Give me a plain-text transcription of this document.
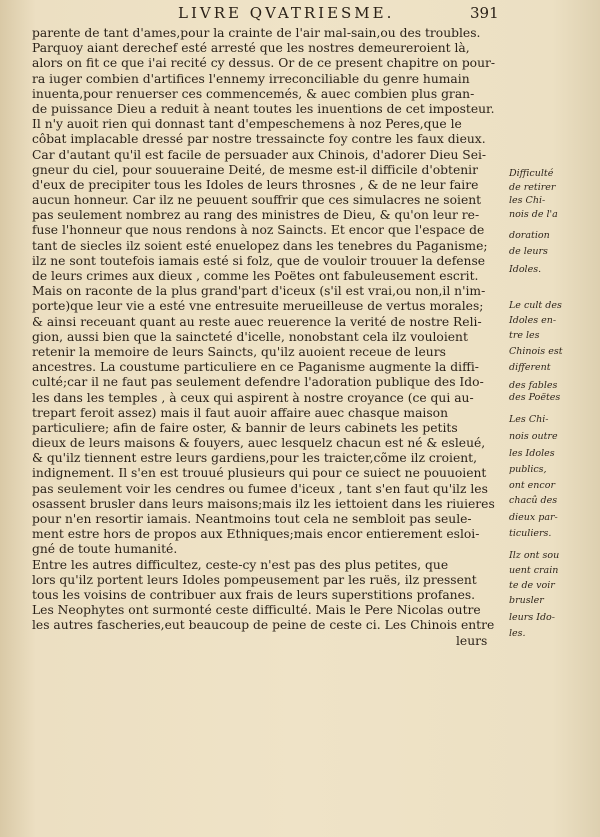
LIVRE QVATRIESME.	391
parente de tant d'ames,pour la crainte de l'air mal-sain,ou des troubles.
Parquoy aiant derechef esté arresté que les nostres demeureroient là,
alors on fit ce que i'ai recité cy dessus. Or de ce present chapitre on pour-
ra iuger combien d'artifices l'ennemy irreconciliable du genre humain
inuenta,pour renuerser ces commencemés, & auec combien plus gran-
de puissance Dieu a reduit à neant toutes les inuentions de cet imposteur.
Il n'y auoit rien qui donnast tant d'empeschemens à noz Peres,que le
côbat implacable dressé par nostre tressaincte foy contre les faux dieux.
Car d'autant qu'il est facile de persuader aux Chinois, d'adorer Dieu Sei-
gneur du ciel, pour souueraine Deité, de mesme est-il difficile d'obtenir
d'eux de precipiter tous les Idoles de leurs throsnes , & de ne leur faire
aucun honneur. Car ilz ne peuuent souffrir que ces simulacres ne soient
pas seulement nombrez au rang des ministres de Dieu, & qu'on leur re-
fuse l'honneur que nous rendons à noz Saincts. Et encor que l'espace de
tant de siecles ilz soient esté enuelopez dans les tenebres du Paganisme;
ilz ne sont toutefois iamais esté si folz, que de vouloir trouuer la defense
de leurs crimes aux dieux , comme les Poëtes ont fabuleusement escrit.
Mais on raconte de la plus grand'part d'iceux (s'il est vrai,ou non,il n'im-
porte)que leur vie a esté vne entresuite merueilleuse de vertus morales;
& ainsi receuant quant au reste auec reuerence la verité de nostre Reli-
gion, aussi bien que la saincteté d'icelle, nonobstant cela ilz vouloient
retenir la memoire de leurs Saincts, qu'ilz auoient receue de leurs
ancestres. La coustume particuliere en ce Paganisme augmente la diffi-
culté;car il ne faut pas seulement defendre l'adoration publique des Ido-
les dans les temples , à ceux qui aspirent à nostre croyance (ce qui au-
trepart feroit assez) mais il faut auoir affaire auec chasque maison
particuliere; afin de faire oster, & bannir de leurs cabinets les petits
dieux de leurs maisons & fouyers, auec lesquelz chacun est né & esleué,
& qu'ilz tiennent estre leurs gardiens,pour les traicter,cõme ilz croient,
indignement. Il s'en est trouué plusieurs qui pour ce suiect ne pouuoient
pas seulement voir les cendres ou fumee d'iceux , tant s'en faut qu'ilz les
osassent brusler dans leurs maisons;mais ilz les iettoient dans les riuieres
pour n'en resortir iamais. Neantmoins tout cela ne sembloit pas seule-
ment estre hors de propos aux Ethniques;mais encor entierement esloi-
gné de toute humanité.
Entre les autres difficultez, ceste-cy n'est pas des plus petites, que
lors qu'ilz portent leurs Idoles pompeusement par les ruës, ilz pressent
tous les voisins de contribuer aux frais de leurs superstitions profanes.
Les Neophytes ont surmonté ceste difficulté. Mais le Pere Nicolas outre
les autres fascheries,eut beaucoup de peine de ceste ci. Les Chinois entre
leurs
Difficulté
de retirer
les Chi-
nois de l'a
doration
de leurs
Idoles.
Le cult des
Idoles en-
tre les
Chinois est
different
des fables
des Poëtes
Les Chi-
nois outre
les Idoles
publics,
ont encor
chacû des
dieux par-
ticuliers.
Ilz ont sou
uent crain
te de voir
brusler
leurs Ido-
les.
